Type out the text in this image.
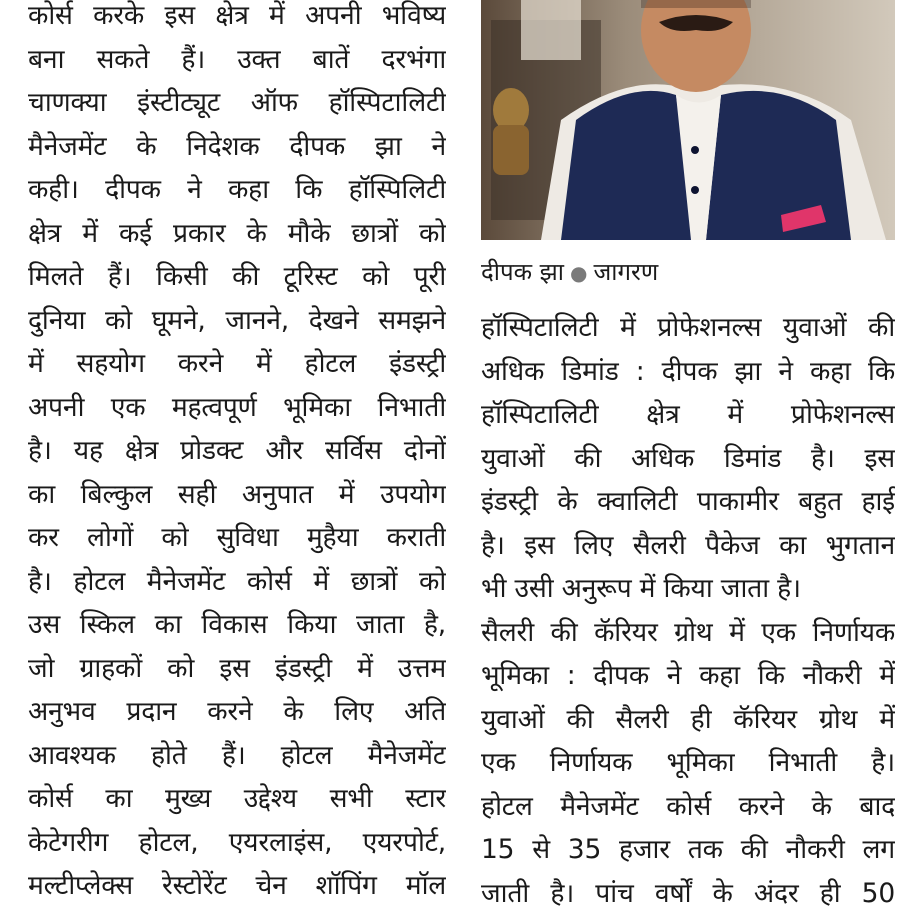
कोर्स करके इस क्षेत्र में अपनी भविष्य
बना सकते हैं। उक्त बातें दरभंगा
चाणक्या इंस्टीट्यूट ऑफ हॉस्पिटालिटी
मैनेजमेंट के निदेशक दीपक झा ने
कही। दीपक ने कहा कि हॉस्पिलिटी
क्षेत्र में कई प्रकार के मौके छात्रों को
मिलते हैं। किसी की टूरिस्ट को पूरी
दुनिया को घूमने, जानने, देखने समझने
में सहयोग करने में होटल इंडस्ट्री
अपनी एक महत्वपूर्ण भूमिका निभाती
है। यह क्षेत्र प्रोडक्ट और सर्विस दोनों
का बिल्कुल सही अनुपात में उपयोग
कर लोगों को सुविधा मुहैया कराती
है। होटल मैनेजमेंट कोर्स में छात्रों को
उस स्किल का विकास किया जाता है,
जो ग्राहकों को इस इंडस्ट्री में उत्तम
अनुभव प्रदान करने के लिए अति
आवश्यक होते हैं। होटल मैनेजमेंट
कोर्स का मुख्य उद्देश्य सभी स्टार
केटेगरीग होटल, एयरलाइंस, एयरपोर्ट,
मल्टीप्लेक्स रेस्टोरेंट चेन शॉपिंग मॉल
दीपक झा ● जागरण
हॉस्पिटालिटी में प्रोफेशनल्स युवाओं की
अधिक डिमांड : दीपक झा ने कहा कि
हॉस्पिटालिटी क्षेत्र में प्रोफेशनल्स
युवाओं की अधिक डिमांड है। इस
इंडस्ट्री के क्वालिटी पाकामीर बहुत हाई
है। इस लिए सैलरी पैकेज का भुगतान
भी उसी अनुरूप में किया जाता है।
सैलरी की कॅरियर ग्रोथ में एक निर्णायक
भूमिका : दीपक ने कहा कि नौकरी में
युवाओं की सैलरी ही कॅरियर ग्रोथ में
एक निर्णायक भूमिका निभाती है।
होटल मैनेजमेंट कोर्स करने के बाद
15 से 35 हजार तक की नौकरी लग
जाती है। पांच वर्षों के अंदर ही 50
